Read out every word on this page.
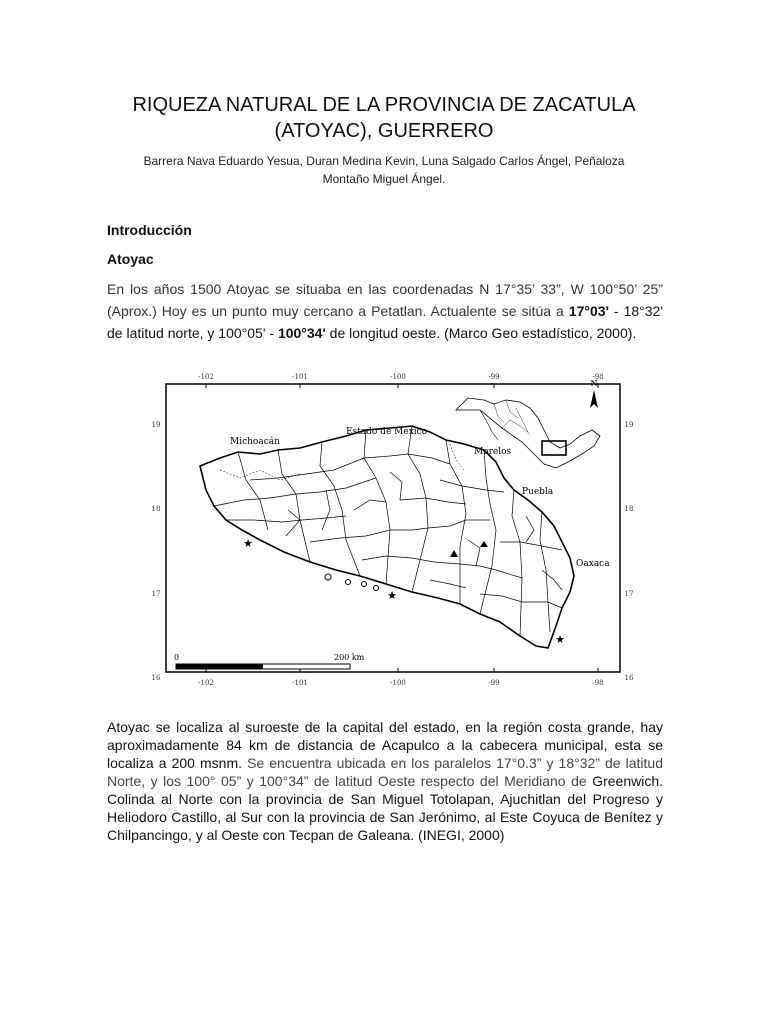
RIQUEZA NATURAL DE LA PROVINCIA DE ZACATULA
(ATOYAC), GUERRERO
Barrera Nava Eduardo Yesua, Duran Medina Kevin, Luna Salgado Carlos Ángel, Peñaloza
Montaño Miguel Ángel.
Introducción
Atoyac
En los años 1500 Atoyac se situaba en las coordenadas N 17°35’ 33”, W 100°50’ 25” (Aprox.) Hoy es un punto muy cercano a Petatlan. Actualente se sitúa a 17°03' - 18°32' de latitud norte, y 100°05' - 100°34' de longitud oeste. (Marco Geo estadístico, 2000).
-102	-101	-100	-99	-98
-102	-101	-100	-99	-98
19
18
17
16
19
18
17
16
N
★
★
★
Michoacán
Estado de México
Morelos
Puebla
Oaxaca
0	200 km
Atoyac se localiza al suroeste de la capital del estado, en la región costa grande, hay aproximadamente 84 km de distancia de Acapulco a la cabecera municipal, esta se localiza a 200 msnm. Se encuentra ubicada en los paralelos 17°0.3” y 18°32” de latitud Norte, y los 100° 05” y 100°34” de latitud Oeste respecto del Meridiano de Greenwich. Colinda al Norte con la provincia de San Miguel Totolapan, Ajuchitlan del Progreso y Heliodoro Castillo, al Sur con la provincia de San Jerónimo, al Este Coyuca de Benítez y Chilpancingo, y al Oeste con Tecpan de Galeana. (INEGI, 2000)
